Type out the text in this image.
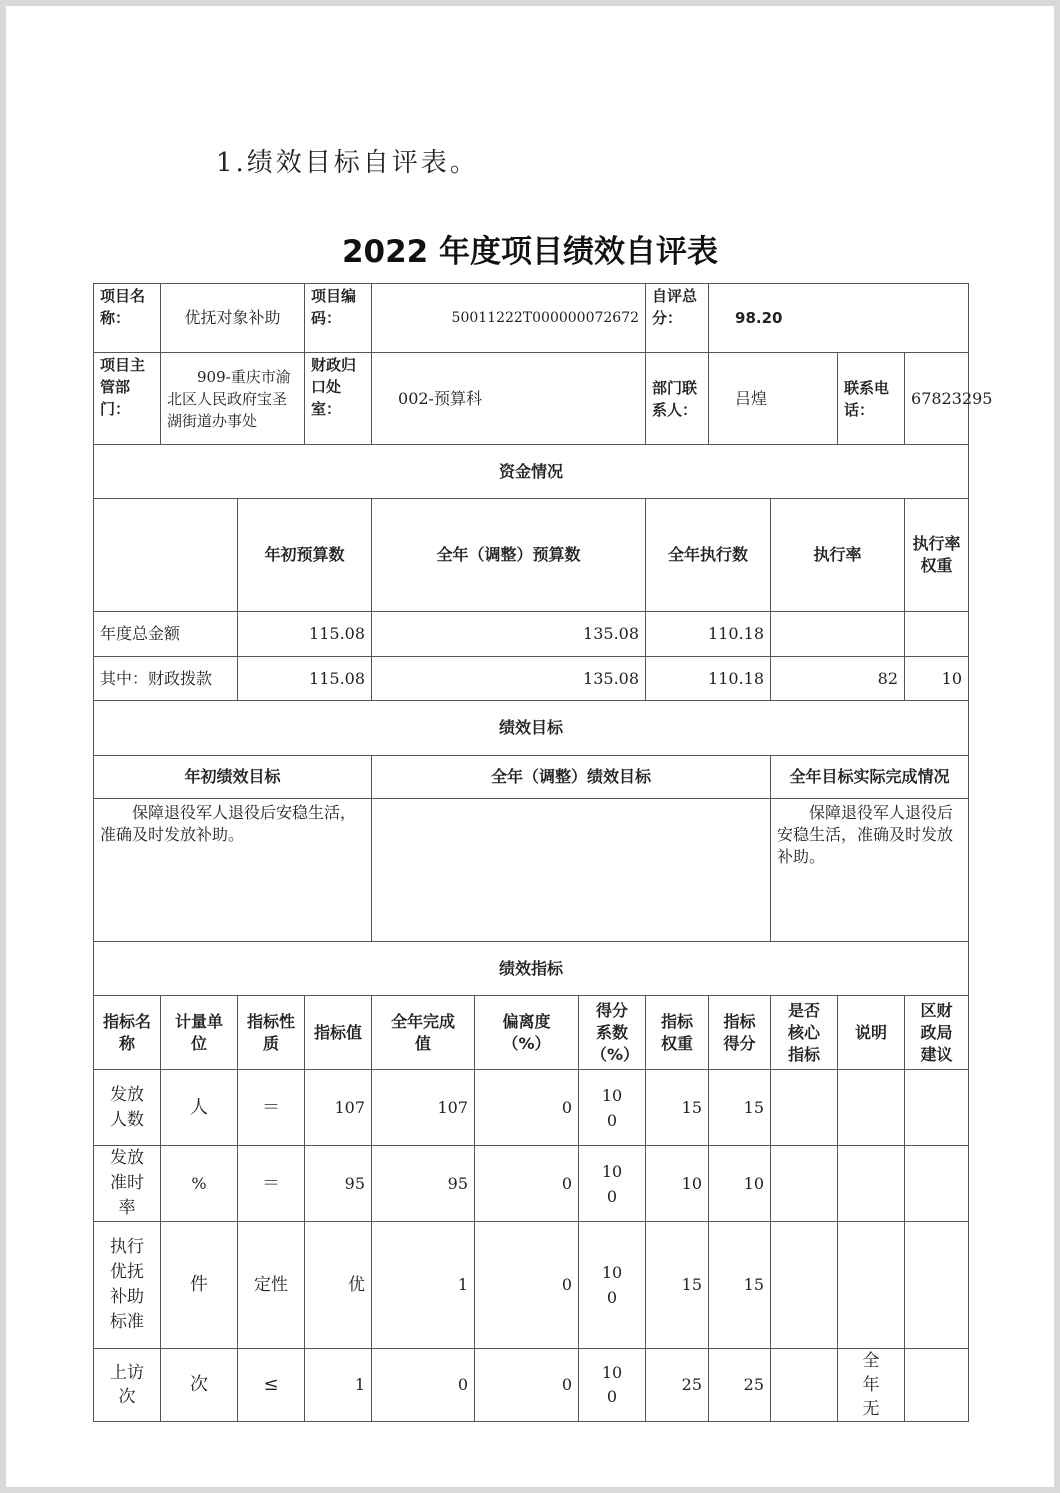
1.绩效目标自评表。
2022 年度项目绩效自评表
项目名称：	优抚对象补助		项目编码：	50011222T000000072672			自评总分：	98.20				
项目主管部门：	909-重庆市渝北区人民政府宝圣湖街道办事处		财政归口处室：	002-预算科			部门联系人：	吕煌		联系电话：	67823295	
资金情况												
		年初预算数		全年（调整）预算数			全年执行数		执行率		执行率权重	
年度总金额		115.08		135.08			110.18					
其中：财政拨款		115.08		135.08			110.18		82		10	
绩效目标												
年初绩效目标				全年（调整）绩效目标					全年目标实际完成情况			
保障退役军人退役后安稳生活，准确及时发放补助。									保障退役军人退役后安稳生活，准确及时发放补助。			
绩效指标												
指标名称	计量单位	指标性质	指标值	全年完成值	偏离度（%）	得分系数（%）	指标权重	指标得分	是否核心指标	说明	区财政局建议	
发放人数	人	＝	107	107	0	100	15	15				
发放准时率	%	＝	95	95	0	100	10	10				
执行优抚补助标准	件	定性	优	1	0	100	15	15				
上访次	次	≤	1	0	0	100	25	25		全年无		
